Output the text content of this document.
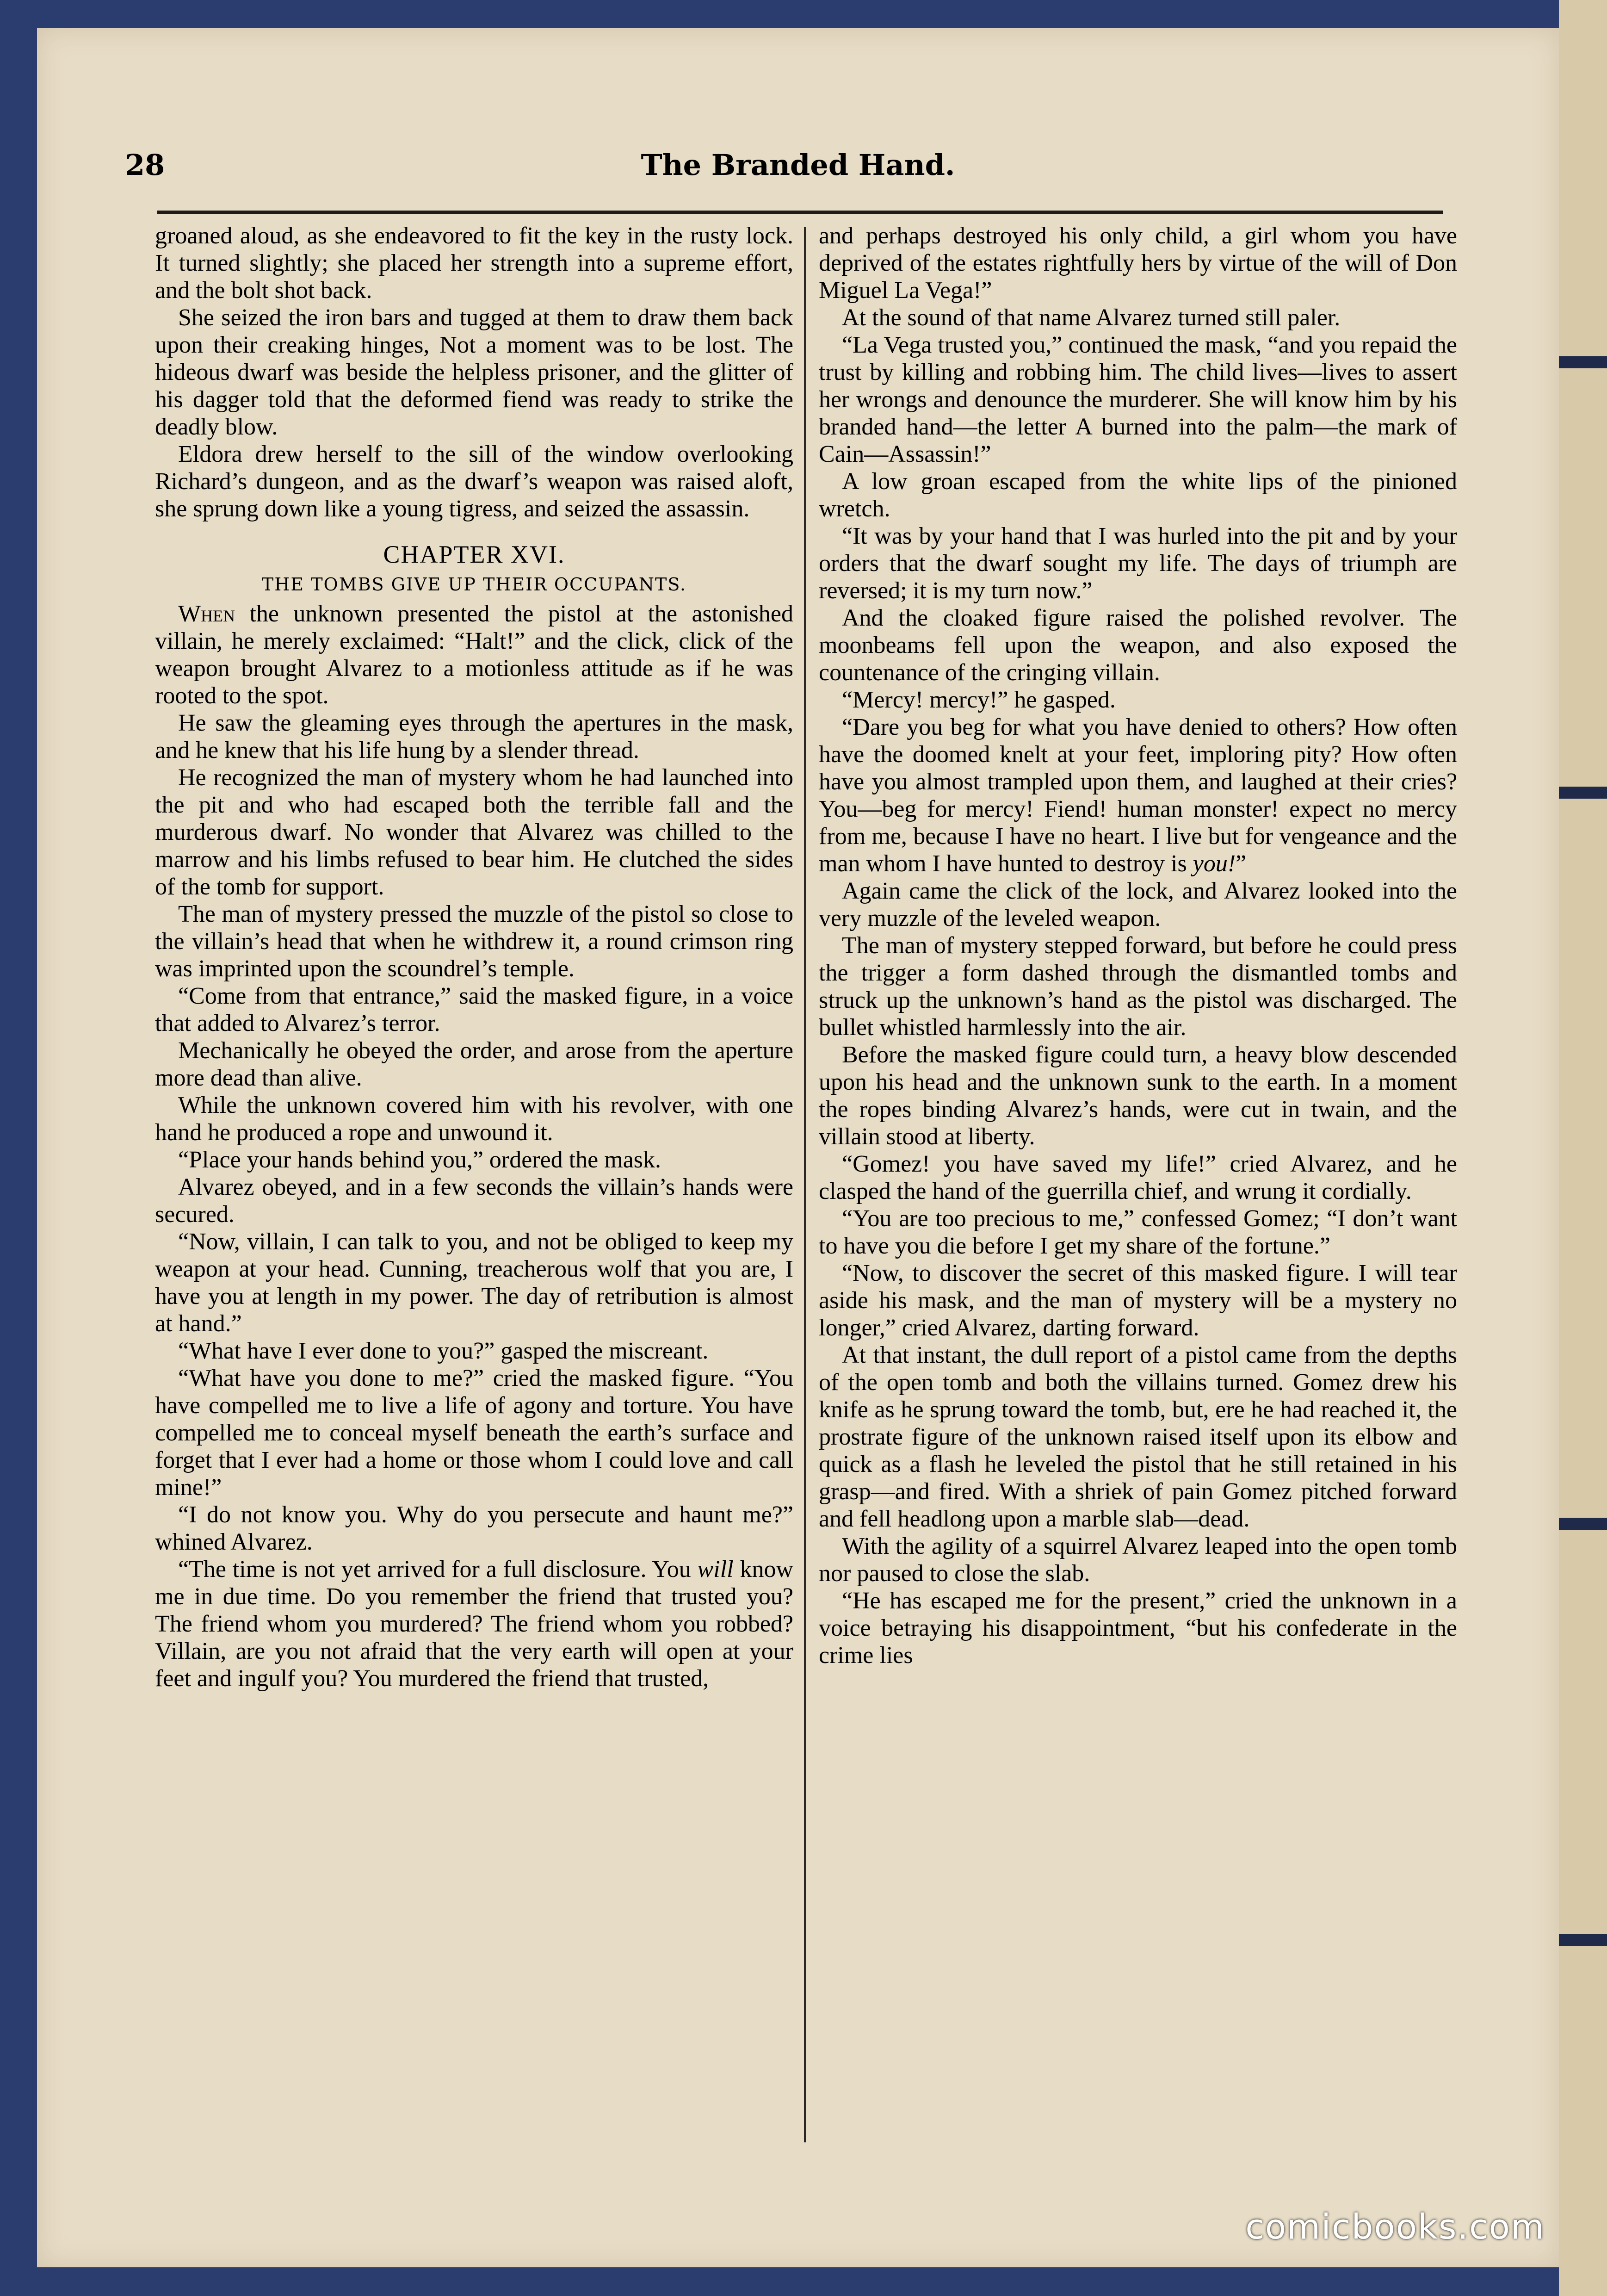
The Branded Hand.
28

groaned aloud, as she endeavored to fit the key in the rusty lock. It turned slightly; she placed her strength into a supreme effort, and the bolt shot back.

She seized the iron bars and tugged at them to draw them back upon their creaking hinges, Not a moment was to be lost. The hideous dwarf was beside the helpless prisoner, and the glitter of his dagger told that the deformed fiend was ready to strike the deadly blow.

Eldora drew herself to the sill of the window overlooking Richard’s dungeon, and as the dwarf’s weapon was raised aloft, she sprung down like a young tigress, and seized the assassin.

CHAPTER XVI.
THE TOMBS GIVE UP THEIR OCCUPANTS.

When the unknown presented the pistol at the astonished villain, he merely exclaimed: “Halt!” and the click, click of the weapon brought Alvarez to a motionless attitude as if he was rooted to the spot.

He saw the gleaming eyes through the apertures in the mask, and he knew that his life hung by a slender thread.

He recognized the man of mystery whom he had launched into the pit and who had escaped both the terrible fall and the murderous dwarf. No wonder that Alvarez was chilled to the marrow and his limbs refused to bear him. He clutched the sides of the tomb for support.

The man of mystery pressed the muzzle of the pistol so close to the villain’s head that when he withdrew it, a round crimson ring was imprinted upon the scoundrel’s temple.

“Come from that entrance,” said the masked figure, in a voice that added to Alvarez’s terror.

Mechanically he obeyed the order, and arose from the aperture more dead than alive.

While the unknown covered him with his revolver, with one hand he produced a rope and unwound it.

“Place your hands behind you,” ordered the mask.

Alvarez obeyed, and in a few seconds the villain’s hands were secured.

“Now, villain, I can talk to you, and not be obliged to keep my weapon at your head. Cunning, treacherous wolf that you are, I have you at length in my power. The day of retribution is almost at hand.”

“What have I ever done to you?” gasped the miscreant.

“What have you done to me?” cried the masked figure. “You have compelled me to live a life of agony and torture. You have compelled me to conceal myself beneath the earth’s surface and forget that I ever had a home or those whom I could love and call mine!”

“I do not know you. Why do you persecute and haunt me?” whined Alvarez.

“The time is not yet arrived for a full disclosure. You will know me in due time. Do you remember the friend that trusted you? The friend whom you murdered? The friend whom you robbed? Villain, are you not afraid that the very earth will open at your feet and ingulf you? You murdered the friend that trusted,

and perhaps destroyed his only child, a girl whom you have deprived of the estates rightfully hers by virtue of the will of Don Miguel La Vega!”

At the sound of that name Alvarez turned still paler.

“La Vega trusted you,” continued the mask, “and you repaid the trust by killing and robbing him. The child lives—lives to assert her wrongs and denounce the murderer. She will know him by his branded hand—the letter A burned into the palm—the mark of Cain—Assassin!”

A low groan escaped from the white lips of the pinioned wretch.

“It was by your hand that I was hurled into the pit and by your orders that the dwarf sought my life. The days of triumph are reversed; it is my turn now.”

And the cloaked figure raised the polished revolver. The moonbeams fell upon the weapon, and also exposed the countenance of the cringing villain.

“Mercy! mercy!” he gasped.

“Dare you beg for what you have denied to others? How often have the doomed knelt at your feet, imploring pity? How often have you almost trampled upon them, and laughed at their cries? You—beg for mercy! Fiend! human monster! expect no mercy from me, because I have no heart. I live but for vengeance and the man whom I have hunted to destroy is you!”

Again came the click of the lock, and Alvarez looked into the very muzzle of the leveled weapon.

The man of mystery stepped forward, but before he could press the trigger a form dashed through the dismantled tombs and struck up the unknown’s hand as the pistol was discharged. The bullet whistled harmlessly into the air.

Before the masked figure could turn, a heavy blow descended upon his head and the unknown sunk to the earth. In a moment the ropes binding Alvarez’s hands, were cut in twain, and the villain stood at liberty.

“Gomez! you have saved my life!” cried Alvarez, and he clasped the hand of the guerrilla chief, and wrung it cordially.

“You are too precious to me,” confessed Gomez; “I don’t want to have you die before I get my share of the fortune.”

“Now, to discover the secret of this masked figure. I will tear aside his mask, and the man of mystery will be a mystery no longer,” cried Alvarez, darting forward.

At that instant, the dull report of a pistol came from the depths of the open tomb and both the villains turned. Gomez drew his knife as he sprung toward the tomb, but, ere he had reached it, the prostrate figure of the unknown raised itself upon its elbow and quick as a flash he leveled the pistol that he still retained in his grasp—and fired. With a shriek of pain Gomez pitched forward and fell headlong upon a marble slab—dead.

With the agility of a squirrel Alvarez leaped into the open tomb nor paused to close the slab.

“He has escaped me for the present,” cried the unknown in a voice betraying his disappointment, “but his confederate in the crime lies

comicbooks.com
